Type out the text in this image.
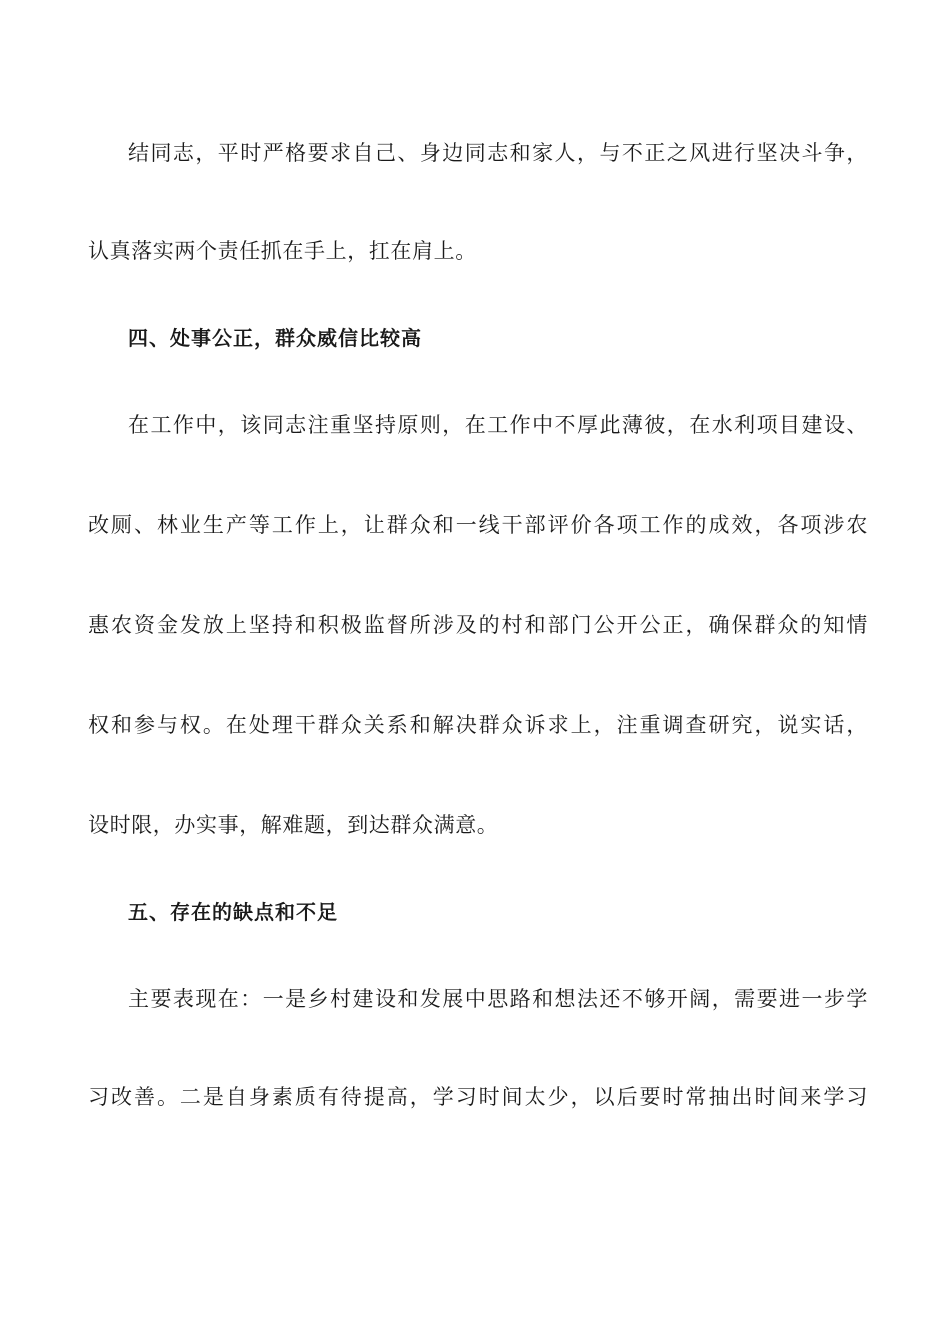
结同志，平时严格要求自己、身边同志和家人，与不正之风进行坚决斗争，
认真落实两个责任抓在手上，扛在肩上。
四、处事公正，群众威信比较高
在工作中，该同志注重坚持原则，在工作中不厚此薄彼，在水利项目建设、
改厕、林业生产等工作上，让群众和一线干部评价各项工作的成效，各项涉农
惠农资金发放上坚持和积极监督所涉及的村和部门公开公正，确保群众的知情
权和参与权。在处理干群众关系和解决群众诉求上，注重调查研究，说实话，
设时限，办实事，解难题，到达群众满意。
五、存在的缺点和不足
主要表现在：一是乡村建设和发展中思路和想法还不够开阔，需要进一步学
习改善。二是自身素质有待提高，学习时间太少，以后要时常抽出时间来学习
